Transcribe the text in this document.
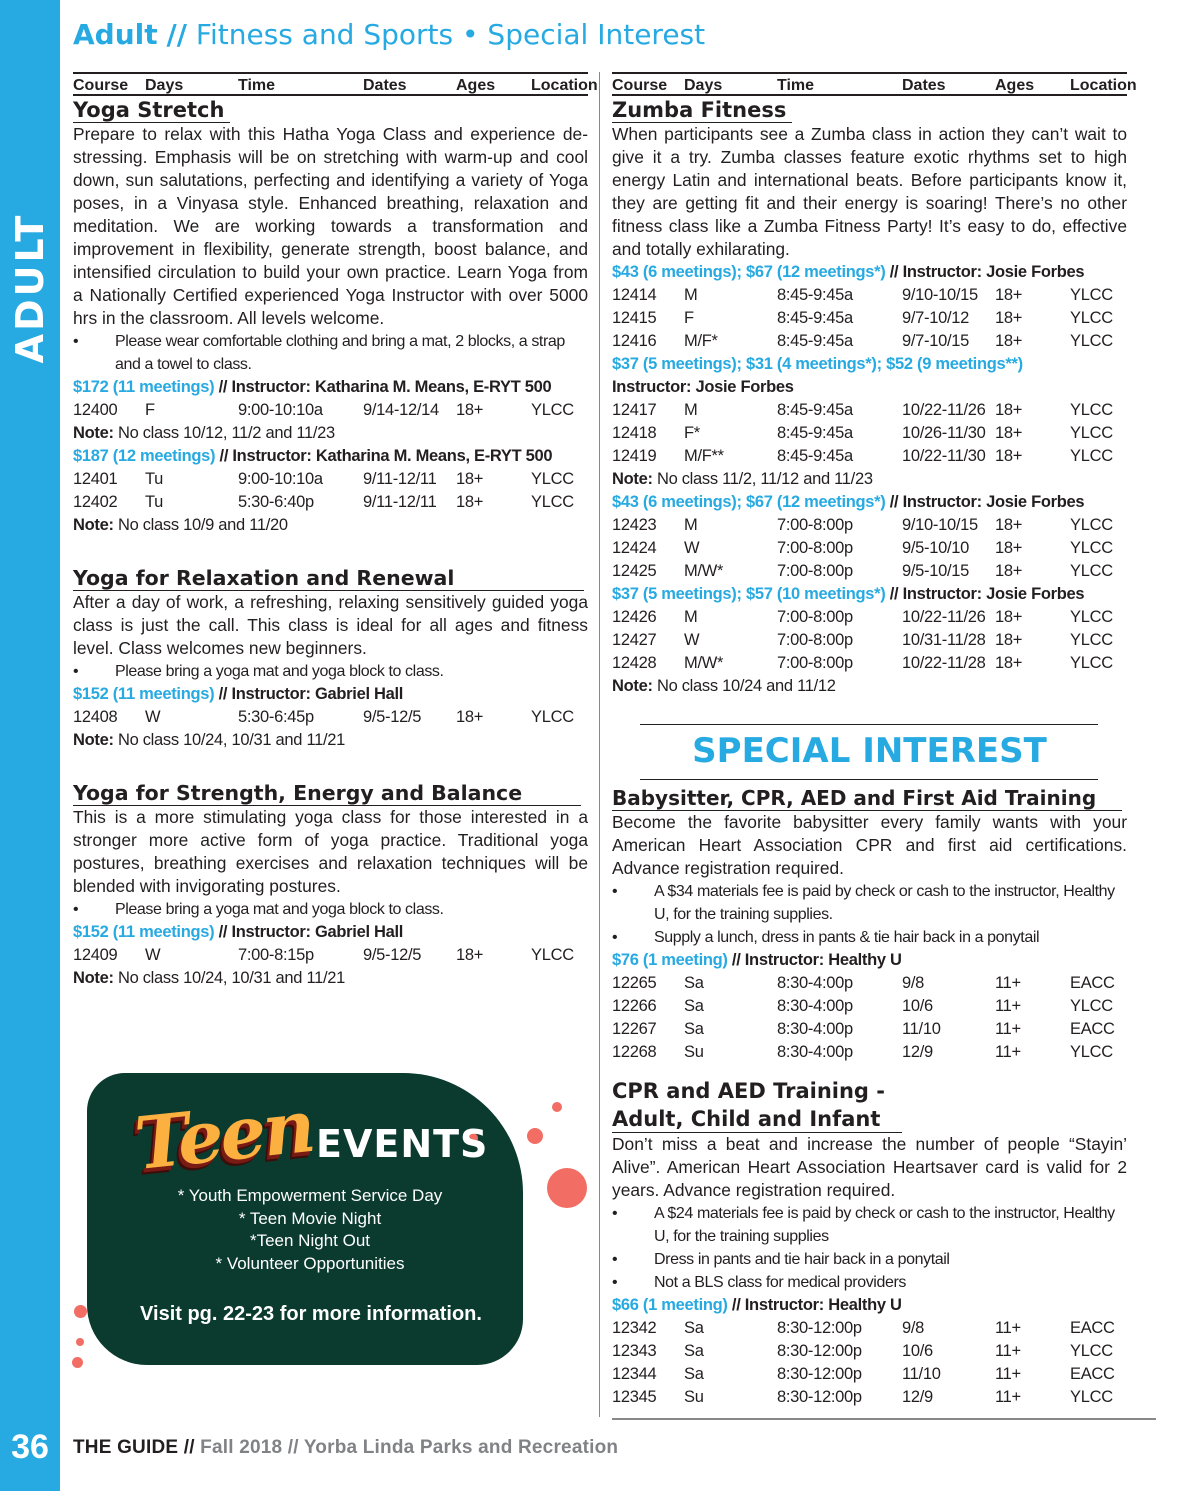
ADULT
36
Adult // Fitness and Sports • Special Interest
Course Days	Time	Dates	Ages Location
Yoga Stretch
Prepare to relax with this Hatha Yoga Class and experience de-stressing. Emphasis will be on stretching with warm-up and cool down, sun salutations, perfecting and identifying a variety of Yoga poses, in a Vinyasa style. Enhanced breathing, relaxation and meditation. We are working towards a transformation and improvement in flexibility, generate strength, boost balance, and intensified circulation to build your own practice. Learn Yoga from a Nationally Certified experienced Yoga Instructor with over 5000 hrs in the classroom. All levels welcome.
• Please wear comfortable clothing and bring a mat, 2 blocks, a strap and a towel to class.
$172 (11 meetings) // Instructor: Katharina M. Means, E-RYT 500
12400 F	9:00-10:10a 9/14-12/14 18+	YLCC
Note: No class 10/12, 11/2 and 11/23
$187 (12 meetings) // Instructor: Katharina M. Means, E-RYT 500
12401 Tu	9:00-10:10a 9/11-12/11 18+	YLCC
12402 Tu	5:30-6:40p	9/11-12/11 18+	YLCC
Note: No class 10/9 and 11/20
Yoga for Relaxation and Renewal
After a day of work, a refreshing, relaxing sensitively guided yoga class is just the call. This class is ideal for all ages and fitness level. Class welcomes new beginners.
• Please bring a yoga mat and yoga block to class.
$152 (11 meetings) // Instructor: Gabriel Hall
12408 W	5:30-6:45p	9/5-12/5 18+	YLCC
Note: No class 10/24, 10/31 and 11/21
Yoga for Strength, Energy and Balance
This is a more stimulating yoga class for those interested in a stronger more active form of yoga practice. Traditional yoga postures, breathing exercises and relaxation techniques will be blended with invigorating postures.
• Please bring a yoga mat and yoga block to class.
$152 (11 meetings) // Instructor: Gabriel Hall
12409 W	7:00-8:15p	9/5-12/5 18+	YLCC
Note: No class 10/24, 10/31 and 11/21
Course Days	Time	Dates	Ages Location
Zumba Fitness
When participants see a Zumba class in action they can’t wait to give it a try. Zumba classes feature exotic rhythms set to high energy Latin and international beats. Before participants know it, they are getting fit and their energy is soaring! There’s no other fitness class like a Zumba Fitness Party! It’s easy to do, effective and totally exhilarating.
$43 (6 meetings); $67 (12 meetings*) // Instructor: Josie Forbes
12414 M	8:45-9:45a	9/10-10/15 18+	YLCC
12415 F	8:45-9:45a	9/7-10/12 18+	YLCC
12416 M/F*	8:45-9:45a	9/7-10/15 18+	YLCC
$37 (5 meetings); $31 (4 meetings*); $52 (9 meetings**)
Instructor: Josie Forbes
12417 M	8:45-9:45a	10/22-11/26 18+	YLCC
12418 F*	8:45-9:45a	10/26-11/30 18+	YLCC
12419 M/F**	8:45-9:45a	10/22-11/30 18+	YLCC
Note: No class 11/2, 11/12 and 11/23
$43 (6 meetings); $67 (12 meetings*) // Instructor: Josie Forbes
12423 M	7:00-8:00p	9/10-10/15 18+	YLCC
12424 W	7:00-8:00p	9/5-10/10 18+	YLCC
12425 M/W*	7:00-8:00p	9/5-10/15 18+	YLCC
$37 (5 meetings); $57 (10 meetings*) // Instructor: Josie Forbes
12426 M	7:00-8:00p	10/22-11/26 18+	YLCC
12427 W	7:00-8:00p	10/31-11/28 18+	YLCC
12428 M/W*	7:00-8:00p	10/22-11/28 18+	YLCC
Note: No class 10/24 and 11/12
SPECIAL INTEREST
Babysitter, CPR, AED and First Aid Training
Become the favorite babysitter every family wants with your American Heart Association CPR and first aid certifications. Advance registration required.
• A $34 materials fee is paid by check or cash to the instructor, Healthy U, for the training supplies.
• Supply a lunch, dress in pants & tie hair back in a ponytail
$76 (1 meeting) // Instructor: Healthy U
12265 Sa	8:30-4:00p	9/8	11+	EACC
12266 Sa	8:30-4:00p	10/6	11+	YLCC
12267 Sa	8:30-4:00p	11/10	11+	EACC
12268 Su	8:30-4:00p	12/9	11+	YLCC
CPR and AED Training -
Adult, Child and Infant
Don’t miss a beat and increase the number of people “Stayin’ Alive”. American Heart Association Heartsaver card is valid for 2 years. Advance registration required.
• A $24 materials fee is paid by check or cash to the instructor, Healthy U, for the training supplies
• Dress in pants and tie hair back in a ponytail
• Not a BLS class for medical providers
$66 (1 meeting) // Instructor: Healthy U
12342 Sa	8:30-12:00p 9/8	11+	EACC
12343 Sa	8:30-12:00p 10/6	11+	YLCC
12344 Sa	8:30-12:00p 11/10	11+	EACC
12345 Su	8:30-12:00p 12/9	11+	YLCC
Teen EVENTS
* Youth Empowerment Service Day
* Teen Movie Night
*Teen Night Out
* Volunteer Opportunities
Visit pg. 22-23 for more information.
THE GUIDE // Fall 2018 // Yorba Linda Parks and Recreation
